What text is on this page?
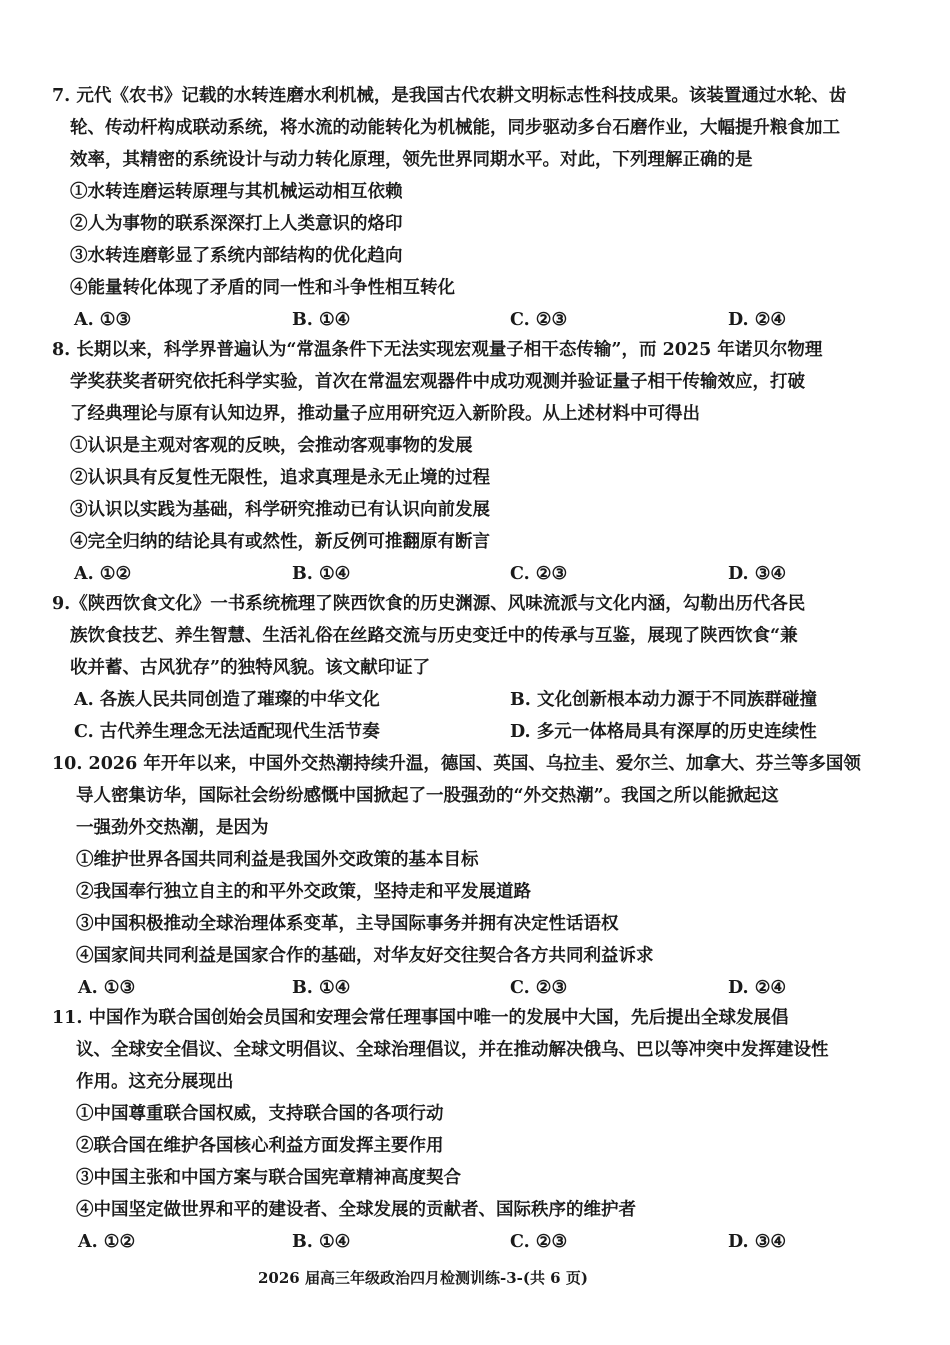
7. 元代《农书》记载的水转连磨水利机械，是我国古代农耕文明标志性科技成果。该装置通过水轮、齿
轮、传动杆构成联动系统，将水流的动能转化为机械能，同步驱动多台石磨作业，大幅提升粮食加工
效率，其精密的系统设计与动力转化原理，领先世界同期水平。对此，下列理解正确的是
①水转连磨运转原理与其机械运动相互依赖
②人为事物的联系深深打上人类意识的烙印
③水转连磨彰显了系统内部结构的优化趋向
④能量转化体现了矛盾的同一性和斗争性相互转化
A. ①③	B. ①④	C. ②③	D. ②④
8. 长期以来，科学界普遍认为“常温条件下无法实现宏观量子相干态传输”，而 2025 年诺贝尔物理
学奖获奖者研究依托科学实验，首次在常温宏观器件中成功观测并验证量子相干传输效应，打破
了经典理论与原有认知边界，推动量子应用研究迈入新阶段。从上述材料中可得出
①认识是主观对客观的反映，会推动客观事物的发展
②认识具有反复性无限性，追求真理是永无止境的过程
③认识以实践为基础，科学研究推动已有认识向前发展
④完全归纳的结论具有或然性，新反例可推翻原有断言
A. ①②	B. ①④	C. ②③	D. ③④
9.《陕西饮食文化》一书系统梳理了陕西饮食的历史渊源、风味流派与文化内涵，勾勒出历代各民
族饮食技艺、养生智慧、生活礼俗在丝路交流与历史变迁中的传承与互鉴，展现了陕西饮食“兼
收并蓄、古风犹存”的独特风貌。该文献印证了
A. 各族人民共同创造了璀璨的中华文化	B. 文化创新根本动力源于不同族群碰撞
C. 古代养生理念无法适配现代生活节奏	D. 多元一体格局具有深厚的历史连续性
10. 2026 年开年以来，中国外交热潮持续升温，德国、英国、乌拉圭、爱尔兰、加拿大、芬兰等多国领
导人密集访华，国际社会纷纷感慨中国掀起了一股强劲的“外交热潮”。我国之所以能掀起这
一强劲外交热潮，是因为
①维护世界各国共同利益是我国外交政策的基本目标
②我国奉行独立自主的和平外交政策，坚持走和平发展道路
③中国积极推动全球治理体系变革，主导国际事务并拥有决定性话语权
④国家间共同利益是国家合作的基础，对华友好交往契合各方共同利益诉求
A. ①③	B. ①④	C. ②③	D. ②④
11. 中国作为联合国创始会员国和安理会常任理事国中唯一的发展中大国，先后提出全球发展倡
议、全球安全倡议、全球文明倡议、全球治理倡议，并在推动解决俄乌、巴以等冲突中发挥建设性
作用。这充分展现出
①中国尊重联合国权威，支持联合国的各项行动
②联合国在维护各国核心利益方面发挥主要作用
③中国主张和中国方案与联合国宪章精神高度契合
④中国坚定做世界和平的建设者、全球发展的贡献者、国际秩序的维护者
A. ①②	B. ①④	C. ②③	D. ③④
2026 届高三年级政治四月检测训练-3-(共 6 页)
